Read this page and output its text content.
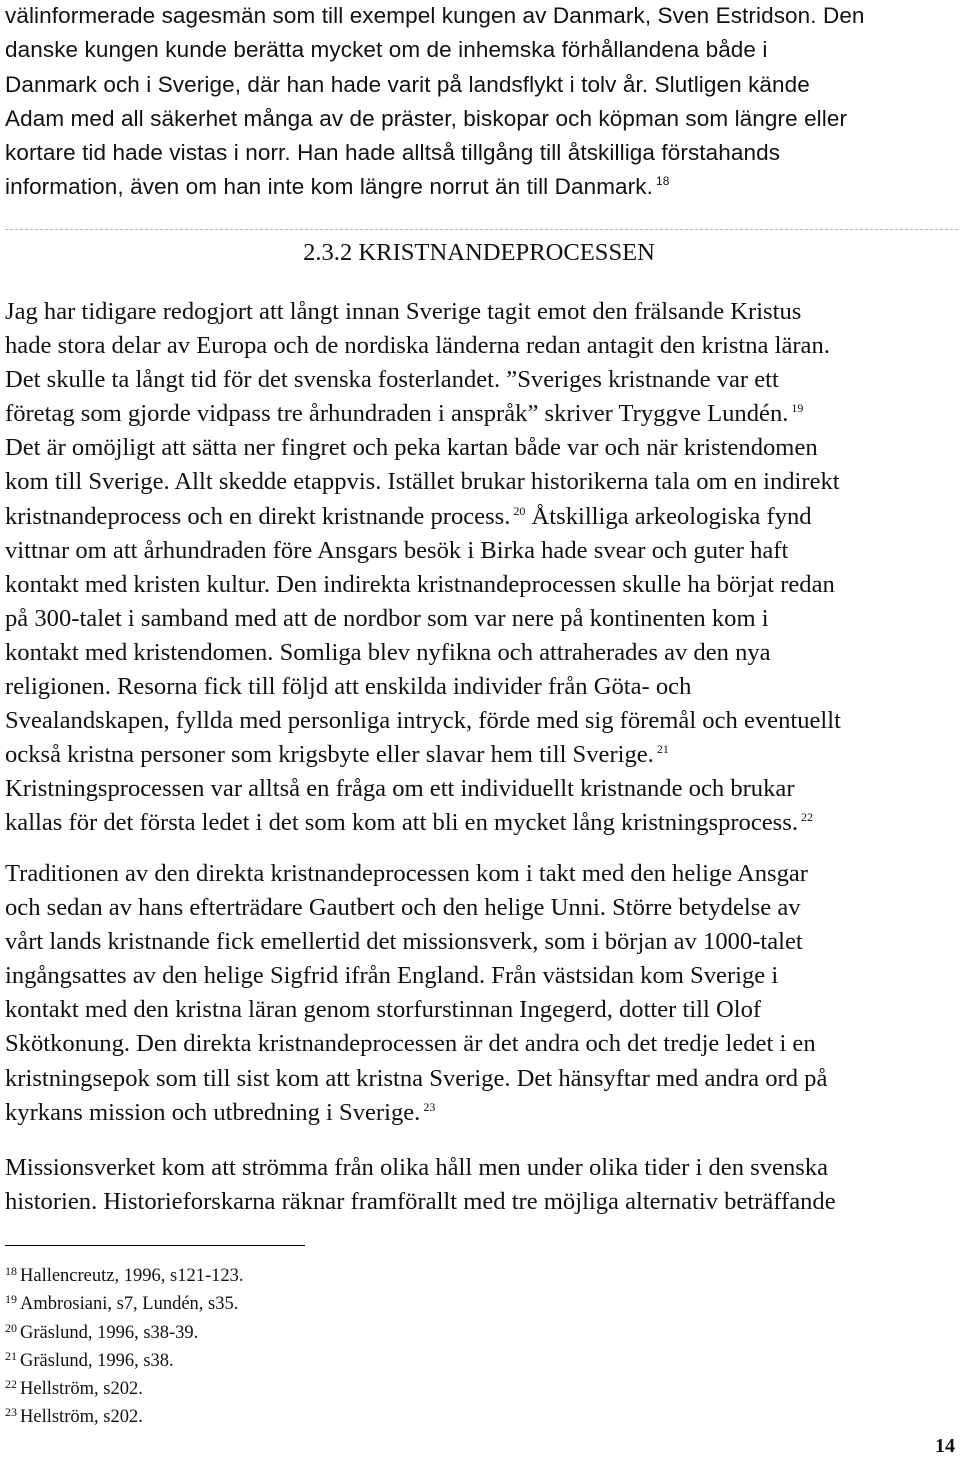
välinformerade sagesmän som till exempel kungen av Danmark, Sven Estridson. Den
danske kungen kunde berätta mycket om de inhemska förhållandena både i
Danmark och i Sverige, där han hade varit på landsflykt i tolv år. Slutligen kände
Adam med all säkerhet många av de präster, biskopar och köpman som längre eller
kortare tid hade vistas i norr. Han hade alltså tillgång till åtskilliga förstahands
information, även om han inte kom längre norrut än till Danmark. $^{18}$
2.3.2 KRISTNANDEPROCESSEN
Jag har tidigare redogjort att långt innan Sverige tagit emot den frälsande Kristus
hade stora delar av Europa och de nordiska länderna redan antagit den kristna läran.
Det skulle ta långt tid för det svenska fosterlandet. ”Sveriges kristnande var ett
företag som gjorde vidpass tre århundraden i anspråk” skriver Tryggve Lundén. $^{19}$
Det är omöjligt att sätta ner fingret och peka kartan både var och när kristendomen
kom till Sverige. Allt skedde etappvis. Istället brukar historikerna tala om en indirekt
kristnandeprocess och en direkt kristnande process. $^{20}$ Åtskilliga arkeologiska fynd
vittnar om att århundraden före Ansgars besök i Birka hade svear och guter haft
kontakt med kristen kultur. Den indirekta kristnandeprocessen skulle ha börjat redan
på 300-talet i samband med att de nordbor som var nere på kontinenten kom i
kontakt med kristendomen. Somliga blev nyfikna och attraherades av den nya
religionen. Resorna fick till följd att enskilda individer från Göta- och
Svealandskapen, fyllda med personliga intryck, förde med sig föremål och eventuellt
också kristna personer som krigsbyte eller slavar hem till Sverige. $^{21}$
Kristningsprocessen var alltså en fråga om ett individuellt kristnande och brukar
kallas för det första ledet i det som kom att bli en mycket lång kristningsprocess. $^{22}$
Traditionen av den direkta kristnandeprocessen kom i takt med den helige Ansgar
och sedan av hans efterträdare Gautbert och den helige Unni. Större betydelse av
vårt lands kristnande fick emellertid det missionsverk, som i början av 1000-talet
ingångsattes av den helige Sigfrid ifrån England. Från västsidan kom Sverige i
kontakt med den kristna läran genom storfurstinnan Ingegerd, dotter till Olof
Skötkonung. Den direkta kristnandeprocessen är det andra och det tredje ledet i en
kristningsepok som till sist kom att kristna Sverige. Det hänsyftar med andra ord på
kyrkans mission och utbredning i Sverige. $^{23}$
Missionsverket kom att strömma från olika håll men under olika tider i den svenska
historien. Historieforskarna räknar framförallt med tre möjliga alternativ beträffande
$^{18}$ Hallencreutz, 1996, s121-123.
$^{19}$ Ambrosiani, s7, Lundén, s35.
$^{20}$ Gräslund, 1996, s38-39.
$^{21}$ Gräslund, 1996, s38.
$^{22}$ Hellström, s202.
$^{23}$ Hellström, s202.
14
